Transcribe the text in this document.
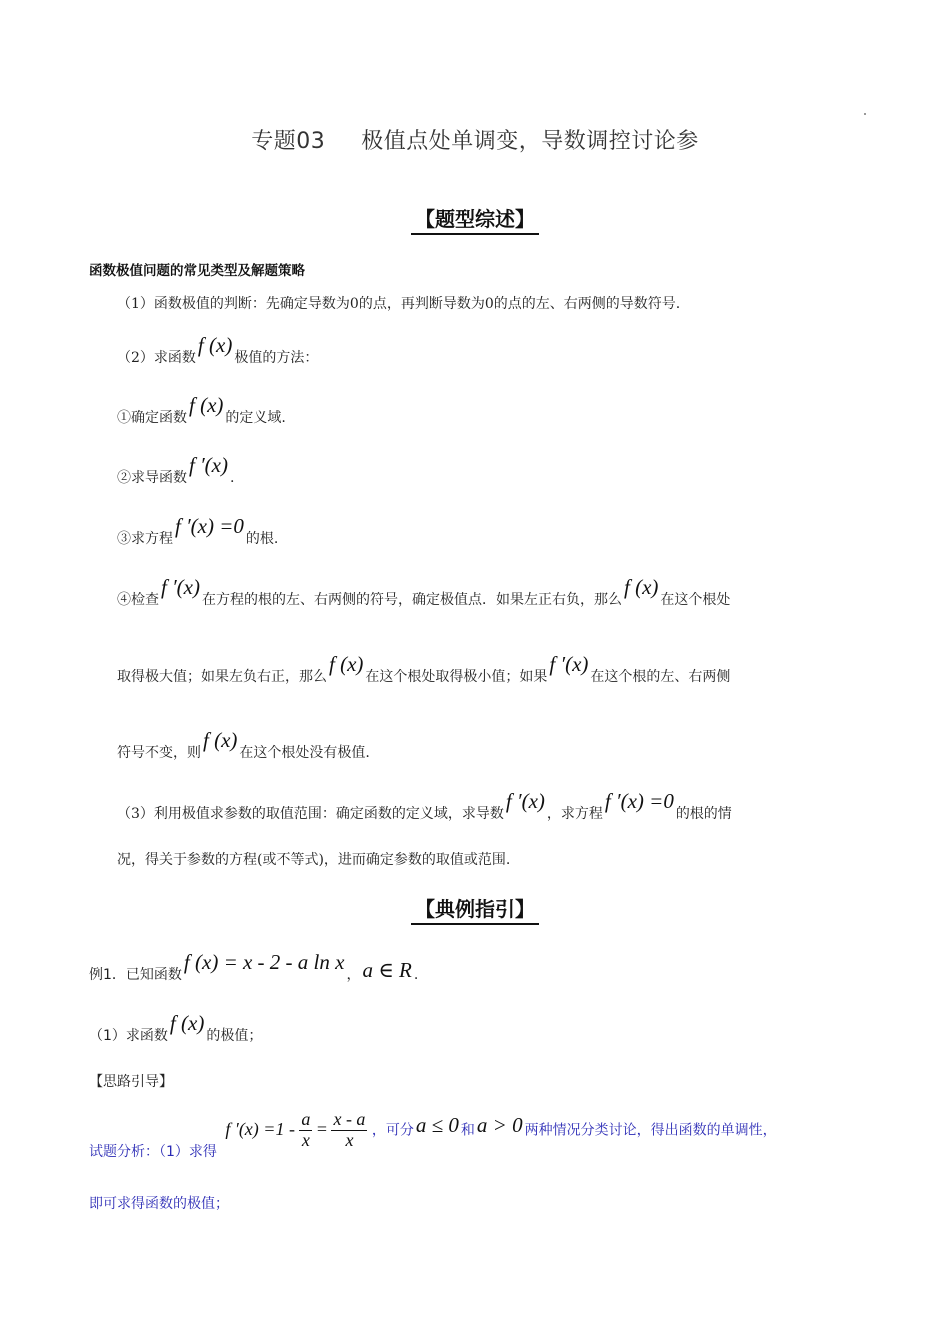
专题03 极值点处单调变，导数调控讨论参
【题型综述】
函数极值问题的常见类型及解题策略
（1）函数极值的判断：先确定导数为0的点，再判断导数为0的点的左、右两侧的导数符号.
（2）求函数f (x)极值的方法：
①确定函数f (x)的定义域.
②求导函数f ′(x).
③求方程f ′(x) =0的根.
④检查f ′(x)在方程的根的左、右两侧的符号，确定极值点．如果左正右负，那么f (x)在这个根处
取得极大值；如果左负右正，那么f (x)在这个根处取得极小值；如果f ′(x)在这个根的左、右两侧
符号不变，则f (x)在这个根处没有极值.
（3）利用极值求参数的取值范围：确定函数的定义域，求导数f ′(x)，求方程f ′(x) =0的根的情
况，得关于参数的方程(或不等式)，进而确定参数的取值或范围.
【典例指引】
例1．已知函数f (x) = x - 2 - a ln x，a ∈ R .
（1）求函数f (x)的极值；
【思路引导】
试题分析：（1）求得 f $'(x) =1 - \frac{a}{x} = \frac{x - a}{x}$ ，可分a ≤ 0 和a > 0 两种情况分类讨论，得出函数的单调性，
即可求得函数的极值；
